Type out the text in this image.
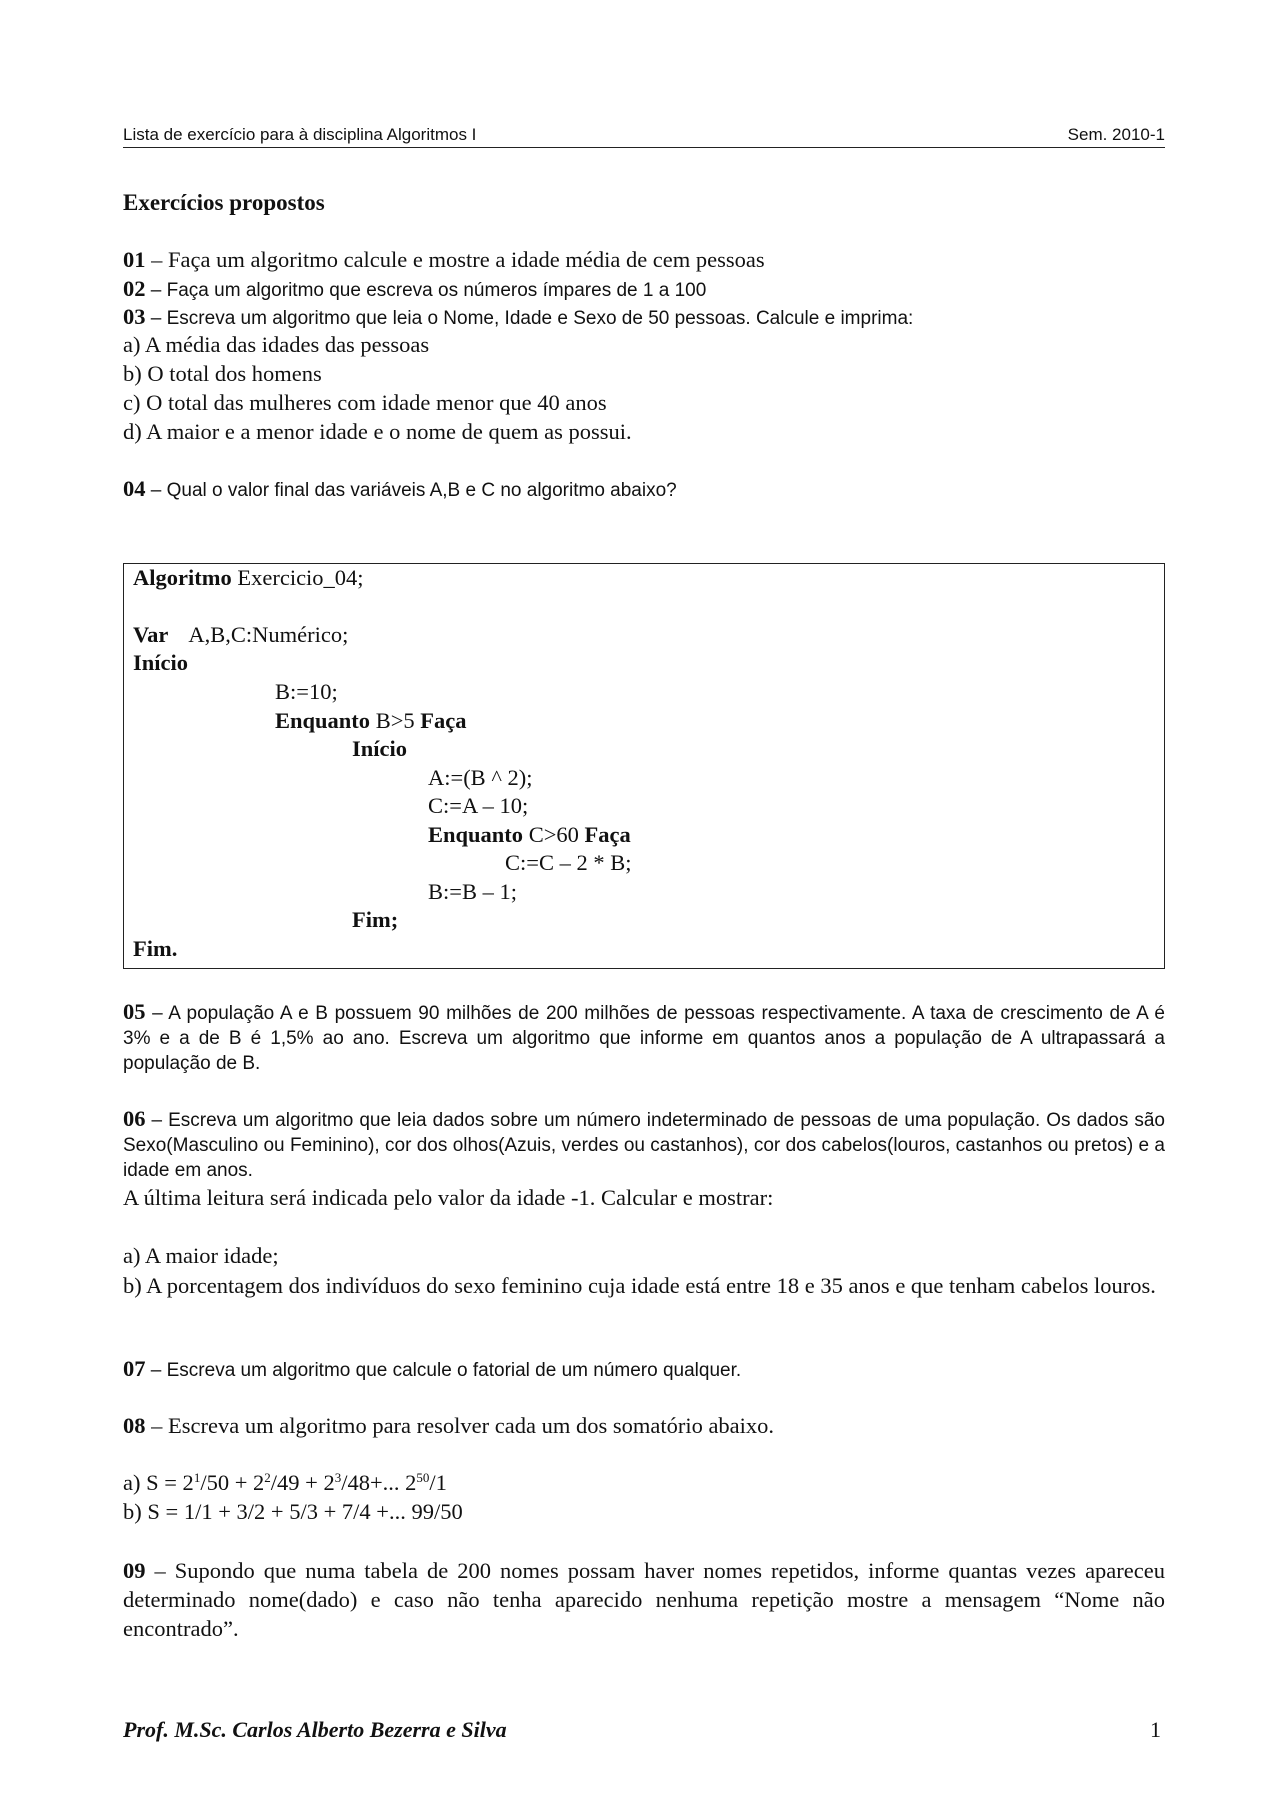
Lista de exercício para à disciplina Algoritmos I	Sem. 2010-1
Exercícios propostos
01 – Faça um algoritmo calcule e mostre a idade média de cem pessoas
02 – Faça um algoritmo que escreva os números ímpares de 1 a 100
03 – Escreva um algoritmo que leia o Nome, Idade e Sexo de 50 pessoas. Calcule e imprima:
a) A média das idades das pessoas
b) O total dos homens
c) O total das mulheres com idade menor que 40 anos
d) A maior e a menor idade e o nome de quem as possui.
04 – Qual o valor final das variáveis A,B e C no algoritmo abaixo?
Algoritmo Exercicio_04;
Var A,B,C:Numérico;
Início
B:=10;
Enquanto B>5 Faça
Início
A:=(B ^ 2);
C:=A – 10;
Enquanto C>60 Faça
C:=C – 2 * B;
B:=B – 1;
Fim;
Fim.
05 – A população A e B possuem 90 milhões de 200 milhões de pessoas respectivamente. A taxa de crescimento de A é 3% e a de B é 1,5% ao ano. Escreva um algoritmo que informe em quantos anos a população de A ultrapassará a população de B.
06 – Escreva um algoritmo que leia dados sobre um número indeterminado de pessoas de uma população. Os dados são Sexo(Masculino ou Feminino), cor dos olhos(Azuis, verdes ou castanhos), cor dos cabelos(louros, castanhos ou pretos) e a idade em anos.
A última leitura será indicada pelo valor da idade -1. Calcular e mostrar:
a) A maior idade;
b) A porcentagem dos indivíduos do sexo feminino cuja idade está entre 18 e 35 anos e que tenham cabelos louros.
07 – Escreva um algoritmo que calcule o fatorial de um número qualquer.
08 – Escreva um algoritmo para resolver cada um dos somatório abaixo.
a) $S = 2^1/50 + 2^2/49 + 2^3/48+$... $2^{50}/1$
b) S = 1/1 + 3/2 + 5/3 + 7/4 +... 99/50
09 – Supondo que numa tabela de 200 nomes possam haver nomes repetidos, informe quantas vezes apareceu determinado nome(dado) e caso não tenha aparecido nenhuma repetição mostre a mensagem “Nome não encontrado”.
Prof. M.Sc. Carlos Alberto Bezerra e Silva	1
